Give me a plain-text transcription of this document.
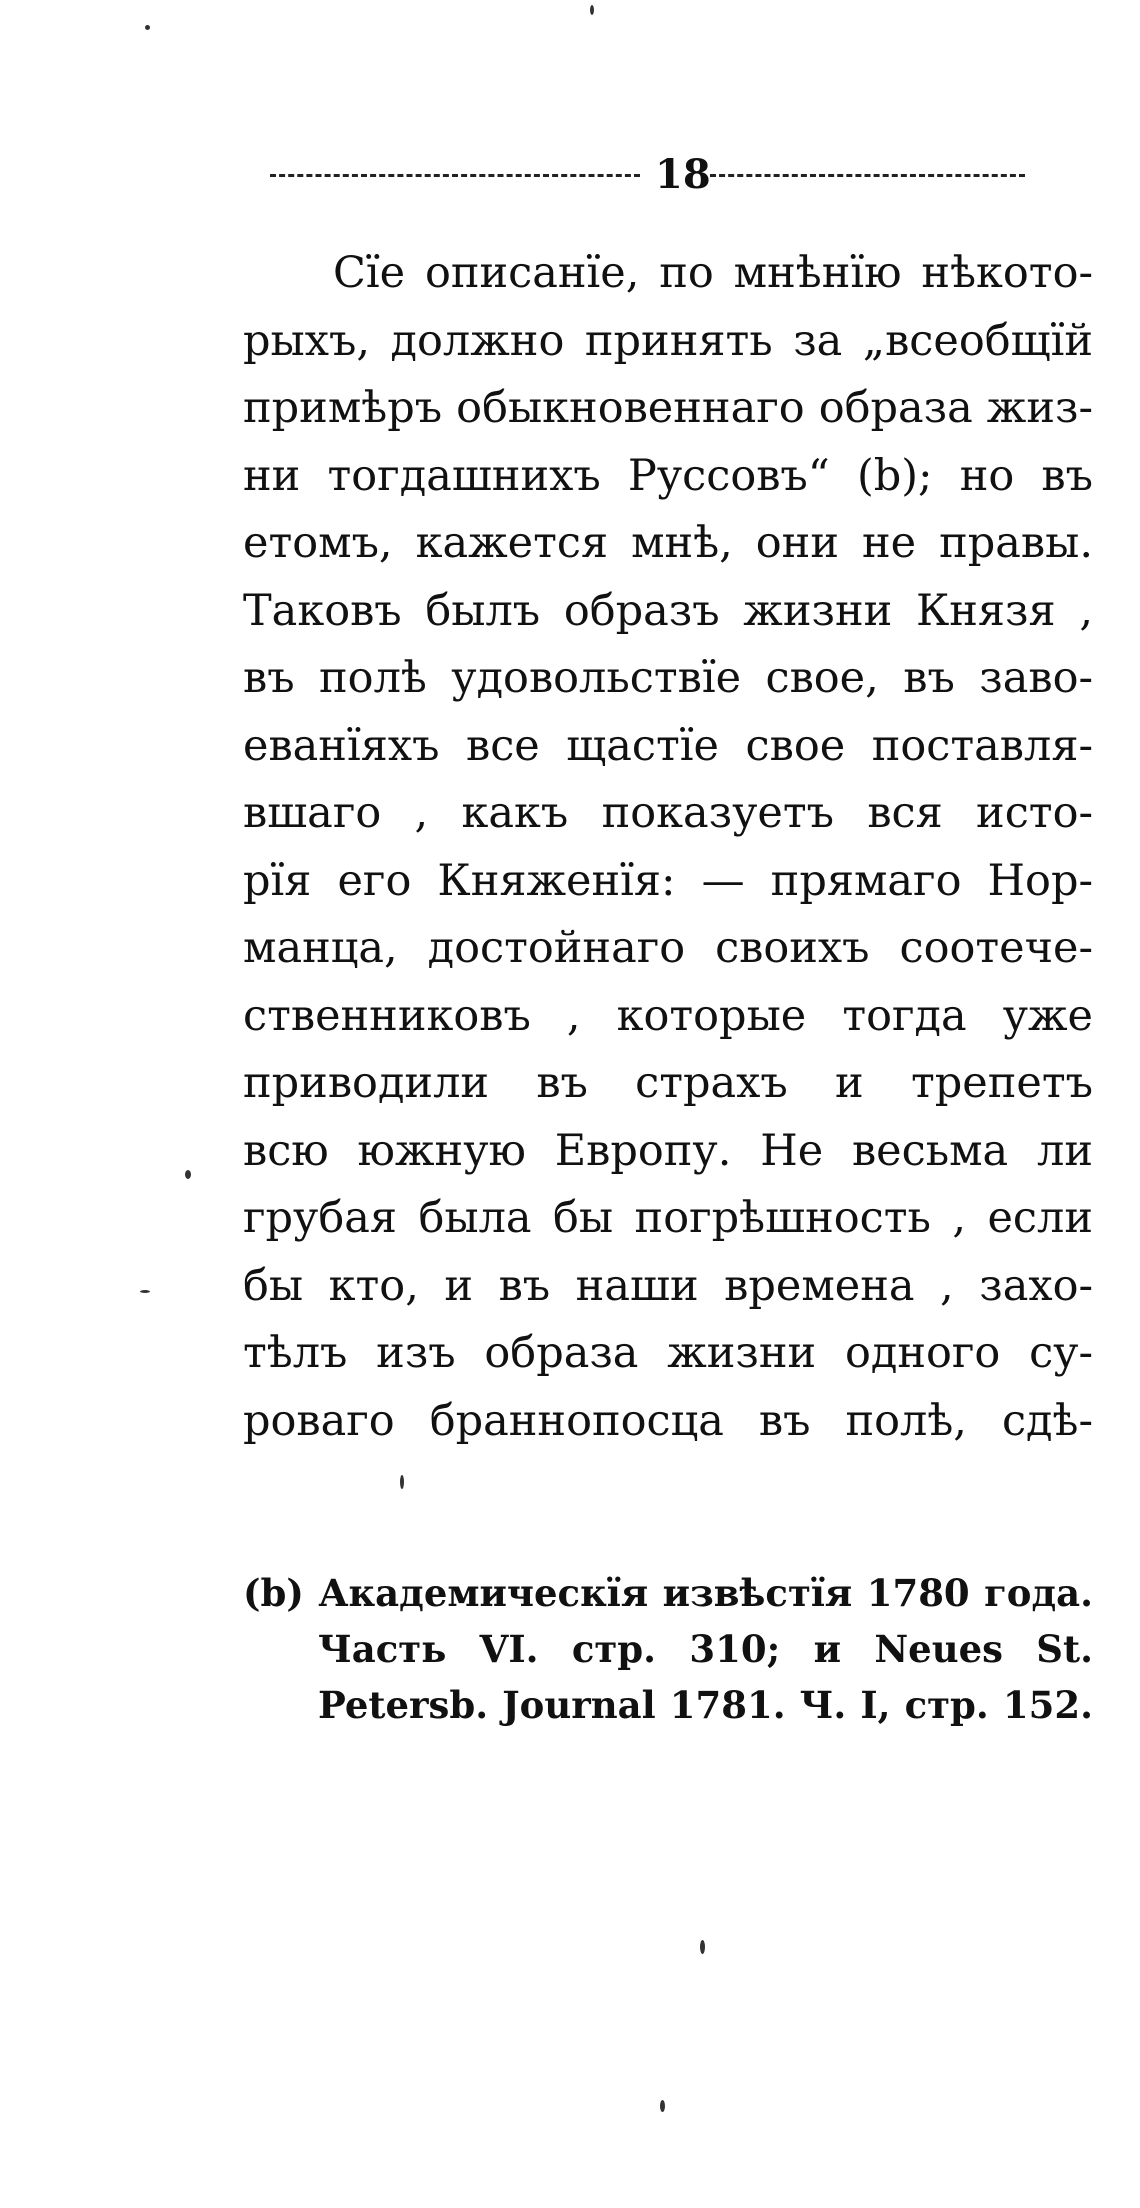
18
Сїе описанїе, по мнѣнїю нѣкото-
рыхъ, должно принять за „всеобщїй
примѣръ обыкновеннаго образа жиз-
ни тогдашнихъ Руссовъ“ (b); но въ
етомъ, кажется мнѣ, они не правы.
Таковъ былъ образъ жизни Князя ,
въ полѣ удовольствїе свое, въ заво-
еванїяхъ все щастїе свое поставля-
вшаго , какъ показуетъ вся исто-
рїя его Княженїя: — прямаго Нор-
манца, достойнаго своихъ соотече-
ственниковъ , которые тогда уже
приводили въ страхъ и трепетъ
всю южную Европу. Не весьма ли
грубая была бы погрѣшность , если
бы кто, и въ наши времена , захо-
тѣлъ изъ образа жизни одного су-
роваго браннопосца въ полѣ, сдѣ-
(b) Академическїя извѣстїя 1780 года.
Часть VI. стр. 310; и Neues St.
Petersb. Journal 1781. Ч. I, стр. 152.
